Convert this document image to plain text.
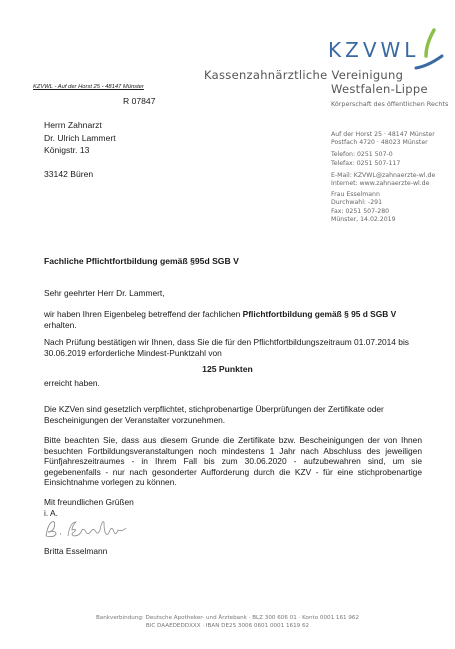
KZVWL
Kassenzahnärztliche Vereinigung
Westfalen-Lippe
Körperschaft des öffentlichen Rechts
KZVWL - Auf der Horst 25 - 48147 Münster
R 07847
Herrn Zahnarzt
Dr. Ulrich Lammert
Königstr. 13
33142 Büren
Auf der Horst 25 · 48147 Münster
Postfach 4720 · 48023 Münster
Telefon: 0251 507-0
Telefax: 0251 507-117
E-Mail: KZVWL@zahnaerzte-wl.de
Internet: www.zahnaerzte-wl.de
Frau Esselmann
Durchwahl: -291
Fax: 0251 507-280
Münster, 14.02.2019
Fachliche Pflichtfortbildung gemäß §95d SGB V
Sehr geehrter Herr Dr. Lammert,
wir haben Ihren Eigenbeleg betreffend der fachlichen Pflichtfortbildung gemäß § 95 d SGB V erhalten.
Nach Prüfung bestätigen wir Ihnen, dass Sie die für den Pflichtfortbildungszeitraum 01.07.2014 bis 30.06.2019 erforderliche Mindest-Punktzahl von
125 Punkten
erreicht haben.
Die KZVen sind gesetzlich verpflichtet, stichprobenartige Überprüfungen der Zertifikate oder Bescheinigungen der Veranstalter vorzunehmen.
Bitte beachten Sie, dass aus diesem Grunde die Zertifikate bzw. Bescheinigungen der von Ihnen besuchten Fortbildungsveranstaltungen noch mindestens 1 Jahr nach Abschluss des jeweiligen Fünfjahreszeitraumes - in Ihrem Fall bis zum 30.06.2020 - aufzubewahren sind, um sie gegebenenfalls - nur nach gesonderter Aufforderung durch die KZV - für eine stichprobenartige Einsichtnahme vorlegen zu können.
Mit freundlichen Grüßen
i. A.
Britta Esselmann
Bankverbindung: Deutsche Apotheker- und Ärztebank · BLZ 300 606 01 · Konto 0001 161 962
BIC DAAEDEDDXXX · IBAN DE25 3006 0601 0001 1619 62
